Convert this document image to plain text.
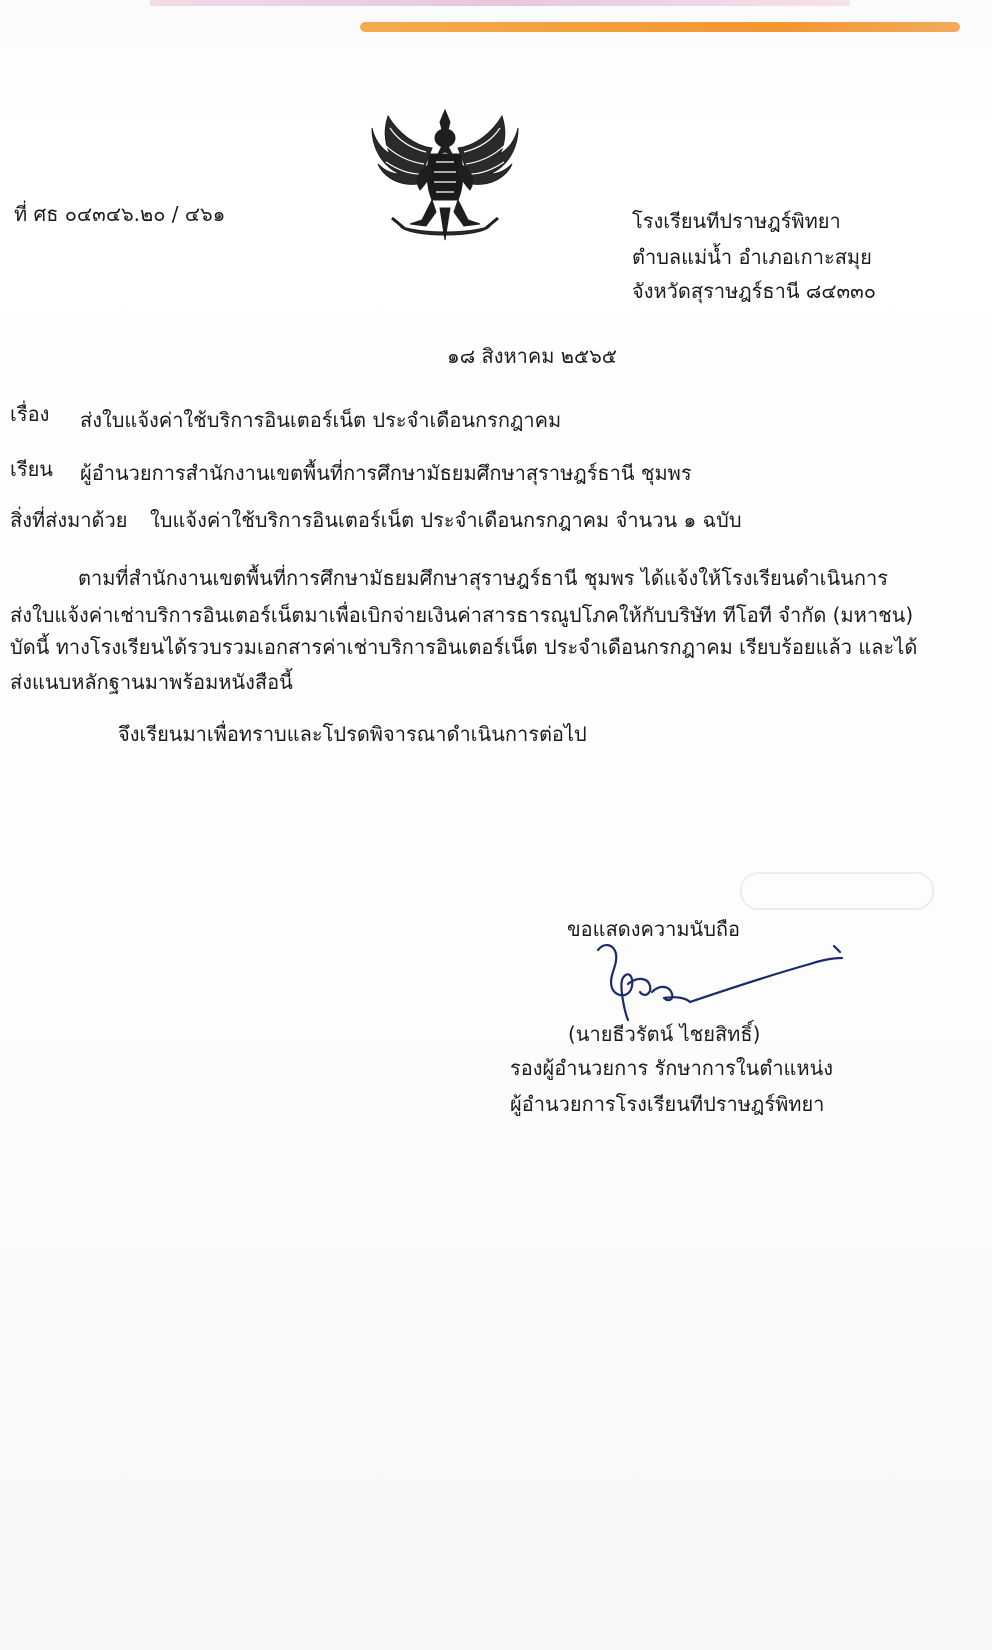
ที่ ศธ ๐๔๓๔๖.๒๐ / ๔๖๑	โรงเรียนทีปราษฎร์พิทยา
ตำบลแม่น้ำ อำเภอเกาะสมุย
จังหวัดสุราษฎร์ธานี ๘๔๓๓๐
๑๘ สิงหาคม ๒๕๖๕
เรื่อง ส่งใบแจ้งค่าใช้บริการอินเตอร์เน็ต ประจำเดือนกรกฎาคม
เรียน ผู้อำนวยการสำนักงานเขตพื้นที่การศึกษามัธยมศึกษาสุราษฎร์ธานี ชุมพร
สิ่งที่ส่งมาด้วย ใบแจ้งค่าใช้บริการอินเตอร์เน็ต ประจำเดือนกรกฎาคม จำนวน ๑ ฉบับ
ตามที่สำนักงานเขตพื้นที่การศึกษามัธยมศึกษาสุราษฎร์ธานี ชุมพร ได้แจ้งให้โรงเรียนดำเนินการ
ส่งใบแจ้งค่าเช่าบริการอินเตอร์เน็ตมาเพื่อเบิกจ่ายเงินค่าสารธารณูปโภคให้กับบริษัท ทีโอที จำกัด (มหาชน)
บัดนี้ ทางโรงเรียนได้รวบรวมเอกสารค่าเช่าบริการอินเตอร์เน็ต ประจำเดือนกรกฎาคม เรียบร้อยแล้ว และได้
ส่งแนบหลักฐานมาพร้อมหนังสือนี้
จึงเรียนมาเพื่อทราบและโปรดพิจารณาดำเนินการต่อไป
ขอแสดงความนับถือ
(นายธีวรัตน์ ไชยสิทธิ์)
รองผู้อำนวยการ รักษาการในตำแหน่ง
ผู้อำนวยการโรงเรียนทีปราษฎร์พิทยา
